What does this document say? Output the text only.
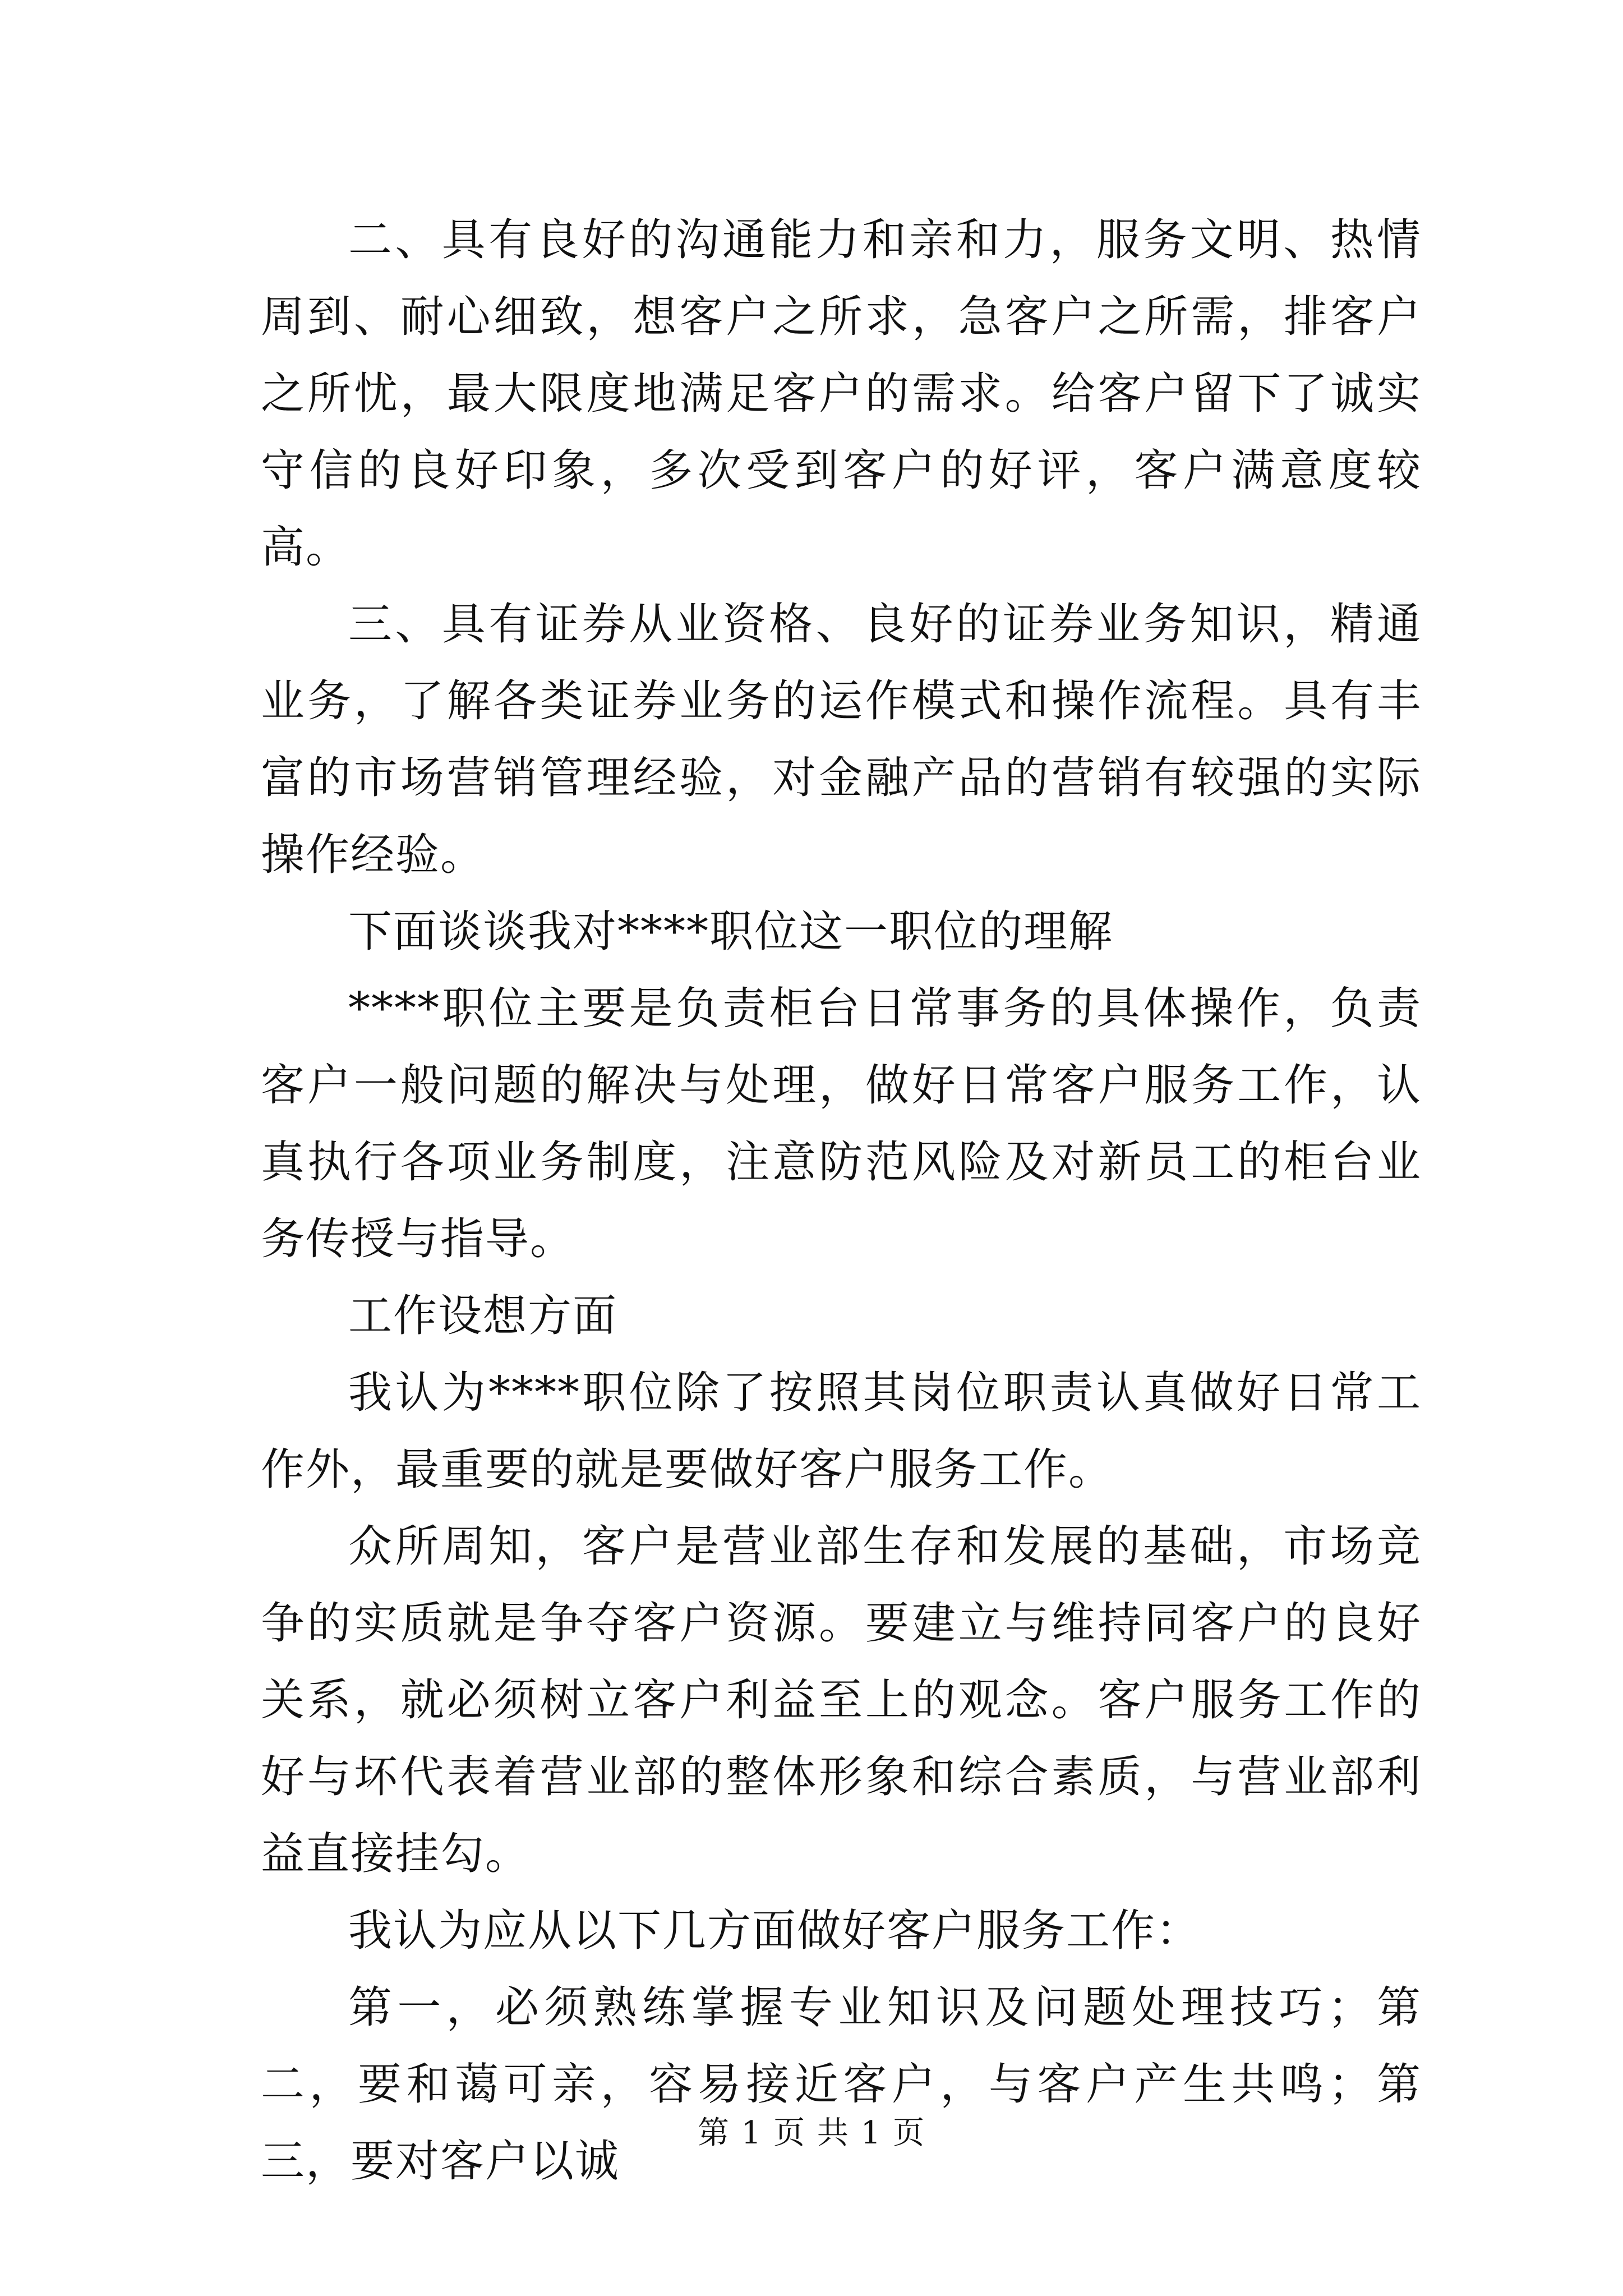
二、具有良好的沟通能力和亲和力，服务文明、热情周到、耐心细致，想客户之所求，急客户之所需，排客户之所忧，最大限度地满足客户的需求。给客户留下了诚实守信的良好印象，多次受到客户的好评，客户满意度较高。

三、具有证券从业资格、良好的证券业务知识，精通业务，了解各类证券业务的运作模式和操作流程。具有丰富的市场营销管理经验，对金融产品的营销有较强的实际操作经验。

下面谈谈我对****职位这一职位的理解

****职位主要是负责柜台日常事务的具体操作，负责客户一般问题的解决与处理，做好日常客户服务工作，认真执行各项业务制度，注意防范风险及对新员工的柜台业务传授与指导。

工作设想方面

我认为****职位除了按照其岗位职责认真做好日常工作外，最重要的就是要做好客户服务工作。

众所周知，客户是营业部生存和发展的基础，市场竞争的实质就是争夺客户资源。要建立与维持同客户的良好关系，就必须树立客户利益至上的观念。客户服务工作的好与坏代表着营业部的整体形象和综合素质，与营业部利益直接挂勾。

我认为应从以下几方面做好客户服务工作：

第一，必须熟练掌握专业知识及问题处理技巧；第二，要和蔼可亲，容易接近客户，与客户产生共鸣；第三，要对客户以诚

第 1 页 共 1 页
